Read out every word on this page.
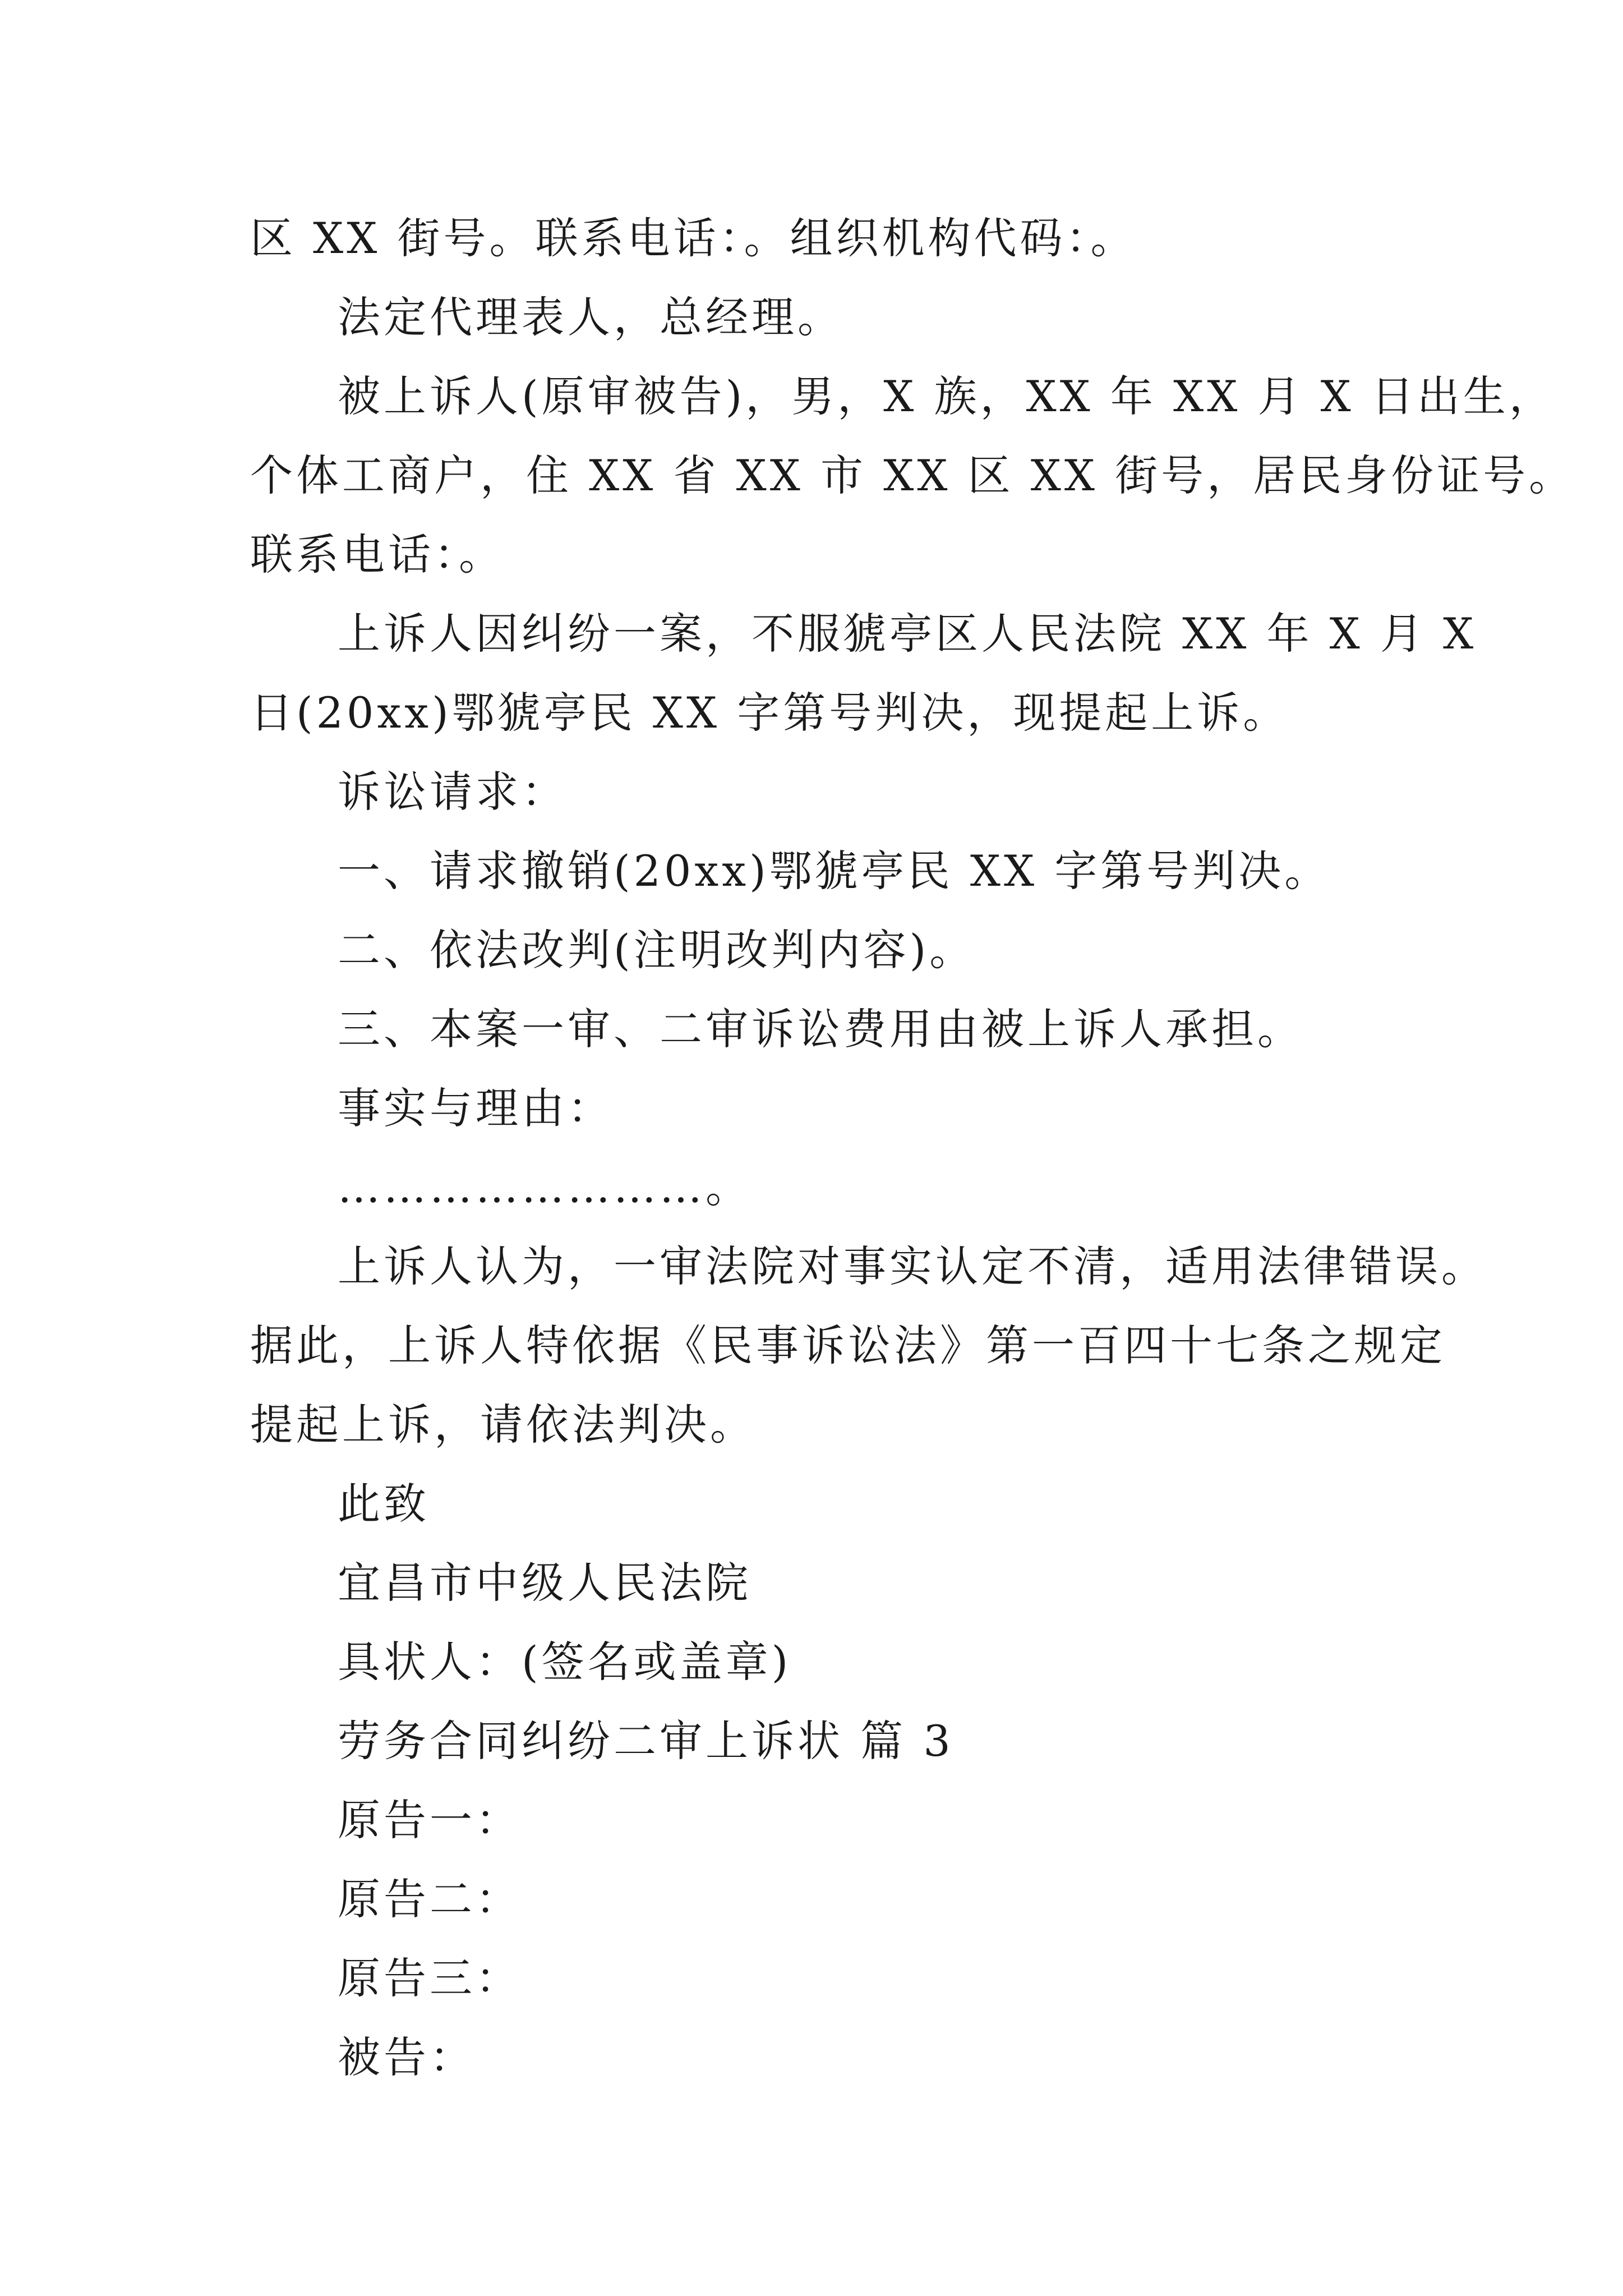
区 XX 街号。联系电话：。组织机构代码：。
法定代理表人，总经理。
被上诉人(原审被告)，男，X 族，XX 年 XX 月 X 日出生，
个体工商户，住 XX 省 XX 市 XX 区 XX 街号，居民身份证号。
联系电话：。
上诉人因纠纷一案，不服猇亭区人民法院 XX 年 X 月 X
日(20xx)鄂猇亭民 XX 字第号判决，现提起上诉。
诉讼请求：
一、请求撤销(20xx)鄂猇亭民 XX 字第号判决。
二、依法改判(注明改判内容)。
三、本案一审、二审诉讼费用由被上诉人承担。
事实与理由：
……………………。
上诉人认为，一审法院对事实认定不清，适用法律错误。
据此，上诉人特依据《民事诉讼法》第一百四十七条之规定
提起上诉，请依法判决。
此致
宜昌市中级人民法院
具状人：(签名或盖章)
劳务合同纠纷二审上诉状 篇 3
原告一：
原告二：
原告三：
被告：
